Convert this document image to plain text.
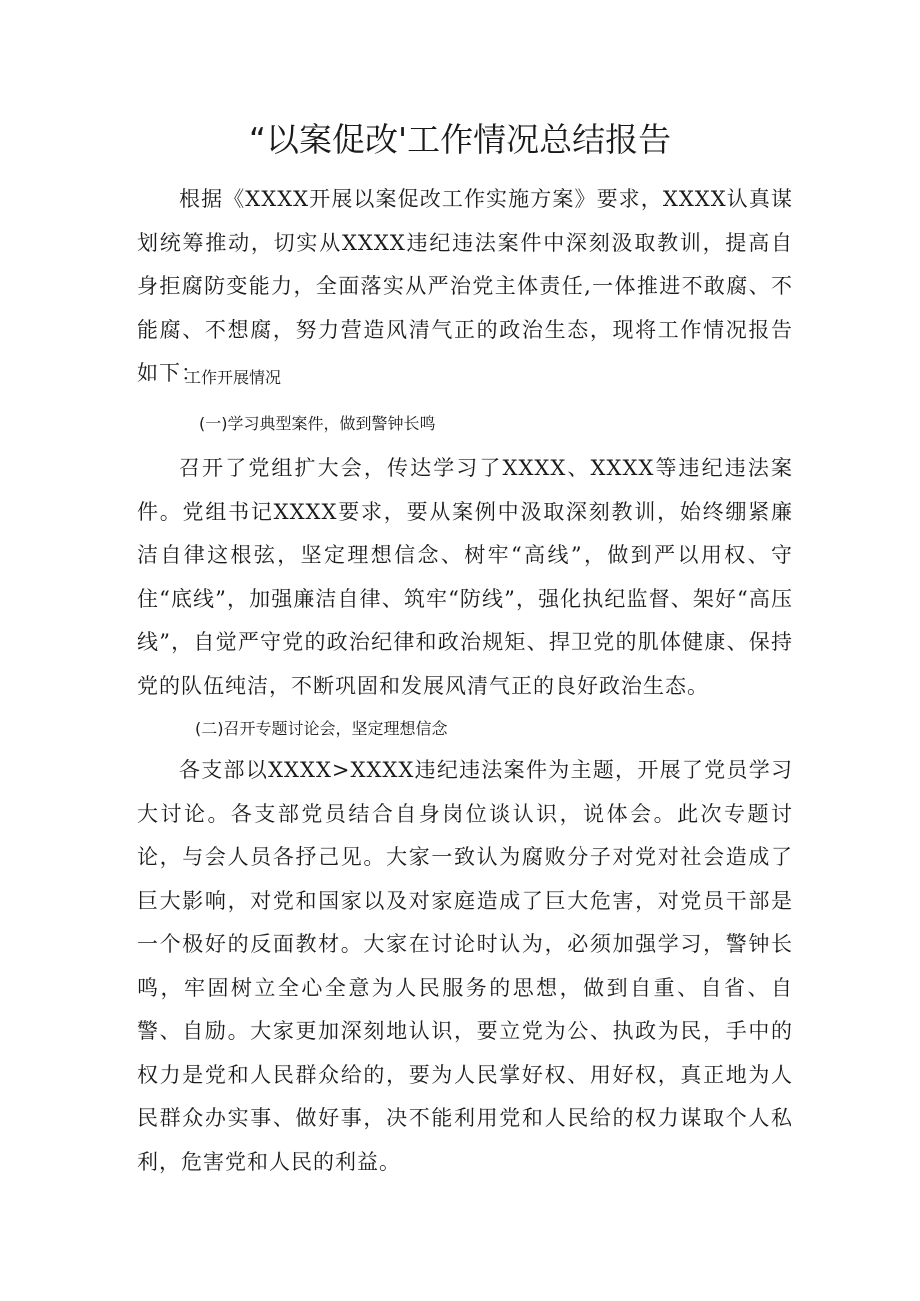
“以案促改'工作情况总结报告

根据《XXXX开展以案促改工作实施方案》要求，XXXX认真谋划统筹推动，切实从XXXX违纪违法案件中深刻汲取教训，提高自身拒腐防变能力，全面落实从严治党主体责任,一体推进不敢腐、不能腐、不想腐，努力营造风清气正的政治生态，现将工作情况报告如下：

工作开展情况
(一)学习典型案件，做到警钟长鸣

召开了党组扩大会，传达学习了XXXX、XXXX等违纪违法案件。党组书记XXXX要求，要从案例中汲取深刻教训，始终绷紧廉洁自律这根弦，坚定理想信念、树牢“高线”，做到严以用权、守住“底线”，加强廉洁自律、筑牢“防线”，强化执纪监督、架好“高压线”，自觉严守党的政治纪律和政治规矩、捍卫党的肌体健康、保持党的队伍纯洁，不断巩固和发展风清气正的良好政治生态。

(二)召开专题讨论会，坚定理想信念

各支部以XXXX>XXXX违纪违法案件为主题，开展了党员学习大讨论。各支部党员结合自身岗位谈认识，说体会。此次专题讨论，与会人员各抒己见。大家一致认为腐败分子对党对社会造成了巨大影响，对党和国家以及对家庭造成了巨大危害，对党员干部是一个极好的反面教材。大家在讨论时认为，必须加强学习，警钟长鸣，牢固树立全心全意为人民服务的思想，做到自重、自省、自警、自励。大家更加深刻地认识，要立党为公、执政为民，手中的权力是党和人民群众给的，要为人民掌好权、用好权，真正地为人民群众办实事、做好事，决不能利用党和人民给的权力谋取个人私利，危害党和人民的利益。
